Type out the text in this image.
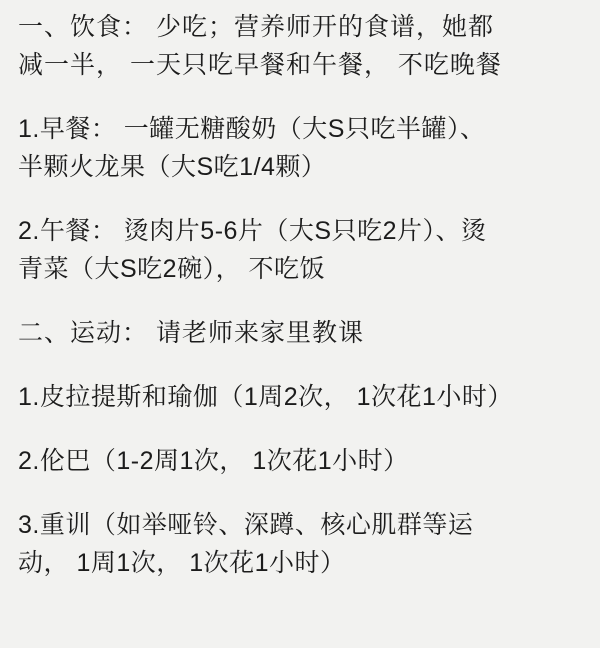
一、饮食： 少吃；营养师开的食谱，她都
减一半， 一天只吃早餐和午餐， 不吃晚餐
1.早餐： 一罐无糖酸奶（大S只吃半罐）、
半颗火龙果（大S吃1/4颗）
2.午餐： 烫肉片5-6片（大S只吃2片）、烫
青菜（大S吃2碗）， 不吃饭
二、运动： 请老师来家里教课
1.皮拉提斯和瑜伽（1周2次， 1次花1小时）
2.伦巴（1-2周1次， 1次花1小时）
3.重训（如举哑铃、深蹲、核心肌群等运
动， 1周1次， 1次花1小时）
